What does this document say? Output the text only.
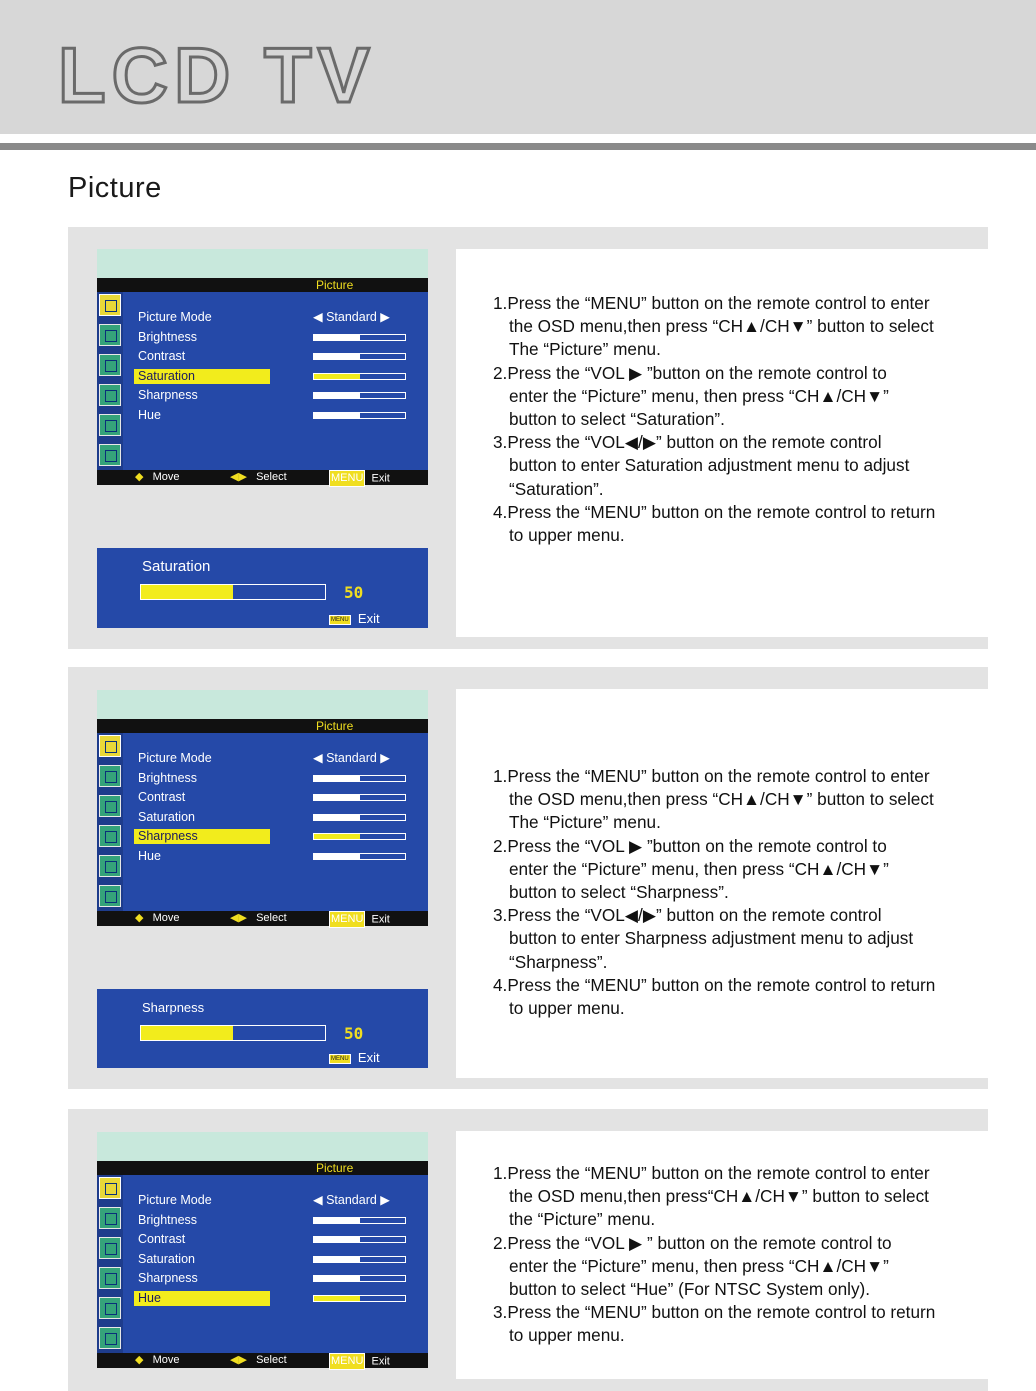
LCD TV
Picture
Picture
Picture Mode	◀ Standard ▶
Brightness
Contrast
Saturation
Sharpness
Hue
◆ Move	◀▶ Select	MENU Exit
Picture
Picture Mode	◀ Standard ▶
Brightness
Contrast
Saturation
Sharpness
Hue
◆ Move	◀▶ Select	MENU Exit
Picture
Picture Mode	◀ Standard ▶
Brightness
Contrast
Saturation
Sharpness
Hue
◆ Move	◀▶ Select	MENU Exit
Saturation
50
MENU Exit
Sharpness
50
MENU Exit
1.Press the “MENU” button on the remote control to enter
the OSD menu,then press “CH▲/CH▼” button to select
The “Picture” menu.
2.Press the “VOL ▶ ”button on the remote control to
enter the “Picture” menu, then press “CH▲/CH▼”
button to select “Saturation”.
3.Press the “VOL◀/▶” button on the remote control
button to enter Saturation adjustment menu to adjust
“Saturation”.
4.Press the “MENU” button on the remote control to return
to upper menu.
1.Press the “MENU” button on the remote control to enter
the OSD menu,then press “CH▲/CH▼” button to select
The “Picture” menu.
2.Press the “VOL ▶ ”button on the remote control to
enter the “Picture” menu, then press “CH▲/CH▼”
button to select “Sharpness”.
3.Press the “VOL◀/▶” button on the remote control
button to enter Sharpness adjustment menu to adjust
“Sharpness”.
4.Press the “MENU” button on the remote control to return
to upper menu.
1.Press the “MENU” button on the remote control to enter
the OSD menu,then press“CH▲/CH▼” button to select
the “Picture” menu.
2.Press the “VOL ▶ ” button on the remote control to
enter the “Picture” menu, then press “CH▲/CH▼”
button to select “Hue” (For NTSC System only).
3.Press the “MENU” button on the remote control to return
to upper menu.
